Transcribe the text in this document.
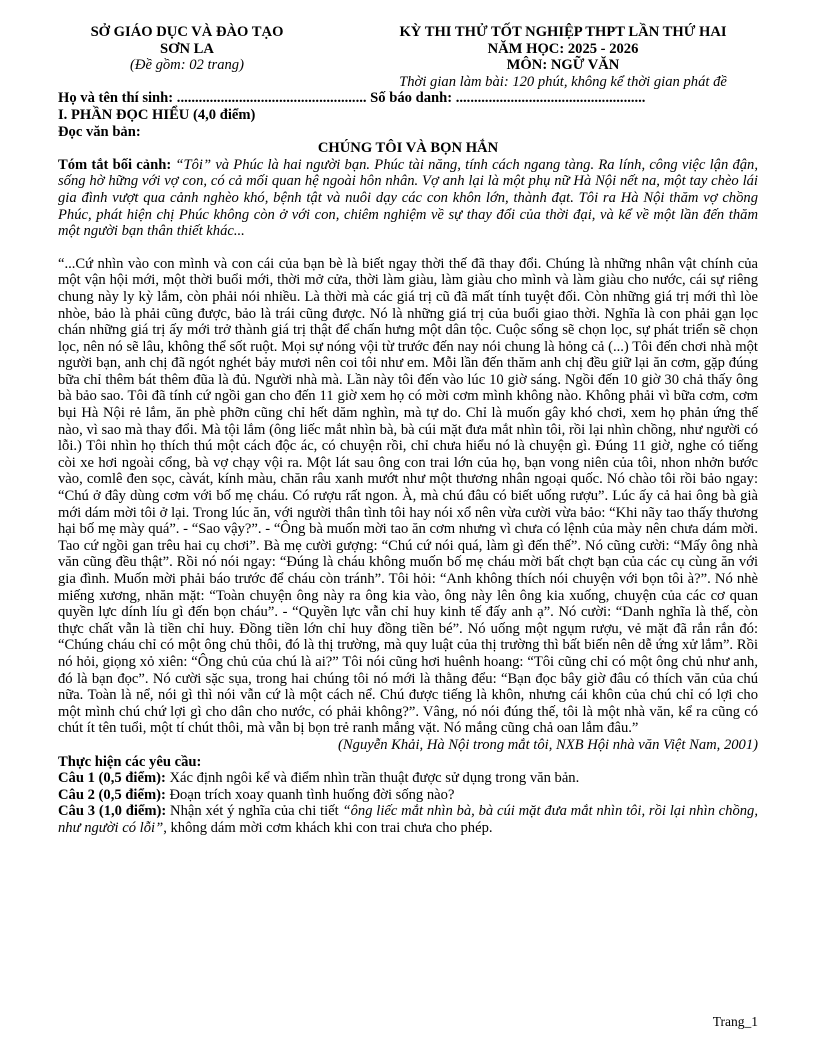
SỞ GIÁO DỤC VÀ ĐÀO TẠO
SƠN LA
(Đề gồm: 02 trang)
KỲ THI THỬ TỐT NGHIỆP THPT LẦN THỨ HAI
NĂM HỌC: 2025 - 2026
MÔN: NGỮ VĂN
Thời gian làm bài: 120 phút, không kể thời gian phát đề
Họ và tên thí sinh: .................................................... Số báo danh: ....................................................
I. PHẦN ĐỌC HIỂU (4,0 điểm)
Đọc văn bản:
CHÚNG TÔI VÀ BỌN HẮN

Tóm tắt bối cảnh: “Tôi” và Phúc là hai người bạn. Phúc tài năng, tính cách ngang tàng. Ra lính, công việc lận đận, sống hờ hững với vợ con, có cả mối quan hệ ngoài hôn nhân. Vợ anh lại là một phụ nữ Hà Nội nết na, một tay chèo lái gia đình vượt qua cảnh nghèo khó, bệnh tật và nuôi dạy các con khôn lớn, thành đạt. Tôi ra Hà Nội thăm vợ chồng Phúc, phát hiện chị Phúc không còn ở với con, chiêm nghiệm về sự thay đổi của thời đại, và kể về một lần đến thăm một người bạn thân thiết khác...

“...Cứ nhìn vào con mình và con cái của bạn bè là biết ngay thời thế đã thay đổi. Chúng là những nhân vật chính của một vận hội mới, một thời buổi mới, thời mở cửa, thời làm giàu, làm giàu cho mình và làm giàu cho nước, cái sự riêng chung này ly kỳ lắm, còn phải nói nhiều. Là thời mà các giá trị cũ đã mất tính tuyệt đối. Còn những giá trị mới thì lòe nhòe, bảo là phải cũng được, bảo là trái cũng được. Nó là những giá trị của buổi giao thời. Nghĩa là con phải gạn lọc chán những giá trị ấy mới trở thành giá trị thật để chấn hưng một dân tộc. Cuộc sống sẽ chọn lọc, sự phát triển sẽ chọn lọc, nên nó sẽ lâu, không thể sốt ruột. Mọi sự nóng vội từ trước đến nay nói chung là hỏng cả (...) Tôi đến chơi nhà một người bạn, anh chị đã ngót nghét bảy mươi nên coi tôi như em. Mỗi lần đến thăm anh chị đều giữ lại ăn cơm, gặp đúng bữa chỉ thêm bát thêm đũa là đủ. Người nhà mà. Lần này tôi đến vào lúc 10 giờ sáng. Ngồi đến 10 giờ 30 chả thấy ông bà bảo sao. Tôi đã tính cứ ngồi gan cho đến 11 giờ xem họ có mời cơm mình không nào. Không phải vì bữa cơm, cơm bụi Hà Nội rẻ lắm, ăn phè phỡn cũng chỉ hết dăm nghìn, mà tự do. Chỉ là muốn gây khó chơi, xem họ phản ứng thế nào, vì sao mà thay đổi. Mà tội lắm (ông liếc mắt nhìn bà, bà cúi mặt đưa mắt nhìn tôi, rồi lại nhìn chồng, như người có lỗi.) Tôi nhìn họ thích thú một cách độc ác, có chuyện rồi, chỉ chưa hiểu nó là chuyện gì. Đúng 11 giờ, nghe có tiếng còi xe hơi ngoài cổng, bà vợ chạy vội ra. Một lát sau ông con trai lớn của họ, bạn vong niên của tôi, nhon nhởn bước vào, comlê đen sọc, càvát, kính màu, chăn râu xanh mướt như một thương nhân ngoại quốc. Nó chào tôi rồi bảo ngay: “Chú ở đây dùng cơm với bố mẹ cháu. Có rượu rất ngon. À, mà chú đâu có biết uống rượu”. Lúc ấy cả hai ông bà già mới dám mời tôi ở lại. Trong lúc ăn, với người thân tình tôi hay nói xổ nên vừa cười vừa bảo: “Khi nãy tao thấy thương hại bố mẹ mày quá”. - “Sao vậy?”. - “Ông bà muốn mời tao ăn cơm nhưng vì chưa có lệnh của mày nên chưa dám mời. Tao cứ ngồi gan trêu hai cụ chơi”. Bà mẹ cười gượng: “Chú cứ nói quá, làm gì đến thế”. Nó cũng cười: “Mấy ông nhà văn cũng đều thật”. Rồi nó nói ngay: “Đúng là cháu không muốn bố mẹ cháu mời bất chợt bạn của các cụ cùng ăn với gia đình. Muốn mời phải báo trước để cháu còn tránh”. Tôi hỏi: “Anh không thích nói chuyện với bọn tôi à?”. Nó nhè miếng xương, nhăn mặt: “Toàn chuyện ông này ra ông kia vào, ông này lên ông kia xuống, chuyện của các cơ quan quyền lực dính líu gì đến bọn cháu”. - “Quyền lực vẫn chỉ huy kinh tế đấy anh ạ”. Nó cười: “Danh nghĩa là thế, còn thực chất vẫn là tiền chỉ huy. Đồng tiền lớn chỉ huy đồng tiền bé”. Nó uống một ngụm rượu, vẻ mặt đã rắn rắn đó: “Chúng cháu chỉ có một ông chủ thôi, đó là thị trường, mà quy luật của thị trường thì bất biến nên dễ ứng xử lắm”. Rồi nó hỏi, giọng xỏ xiên: “Ông chủ của chú là ai?” Tôi nói cũng hơi huênh hoang: “Tôi cũng chỉ có một ông chủ như anh, đó là bạn đọc”. Nó cười sặc sụa, trong hai chúng tôi nó mới là thằng đểu: “Bạn đọc bây giờ đâu có thích văn của chú nữa. Toàn là nể, nói gì thì nói vẫn cứ là một cách nể. Chú được tiếng là khôn, nhưng cái khôn của chú chỉ có lợi cho một mình chú chứ lợi gì cho dân cho nước, có phải không?”. Vâng, nó nói đúng thế, tôi là một nhà văn, kể ra cũng có chút ít tên tuổi, một tí chút thôi, mà vẫn bị bọn trẻ ranh mắng vặt. Nó mắng cũng chả oan lắm đâu.”

(Nguyễn Khải, Hà Nội trong mắt tôi, NXB Hội nhà văn Việt Nam, 2001)
Thực hiện các yêu cầu:

Câu 1 (0,5 điểm): Xác định ngôi kể và điểm nhìn trần thuật được sử dụng trong văn bản.

Câu 2 (0,5 điểm): Đoạn trích xoay quanh tình huống đời sống nào?

Câu 3 (1,0 điểm): Nhận xét ý nghĩa của chi tiết “ông liếc mắt nhìn bà, bà cúi mặt đưa mắt nhìn tôi, rồi lại nhìn chồng, như người có lỗi”, không dám mời cơm khách khi con trai chưa cho phép.

Trang_1
